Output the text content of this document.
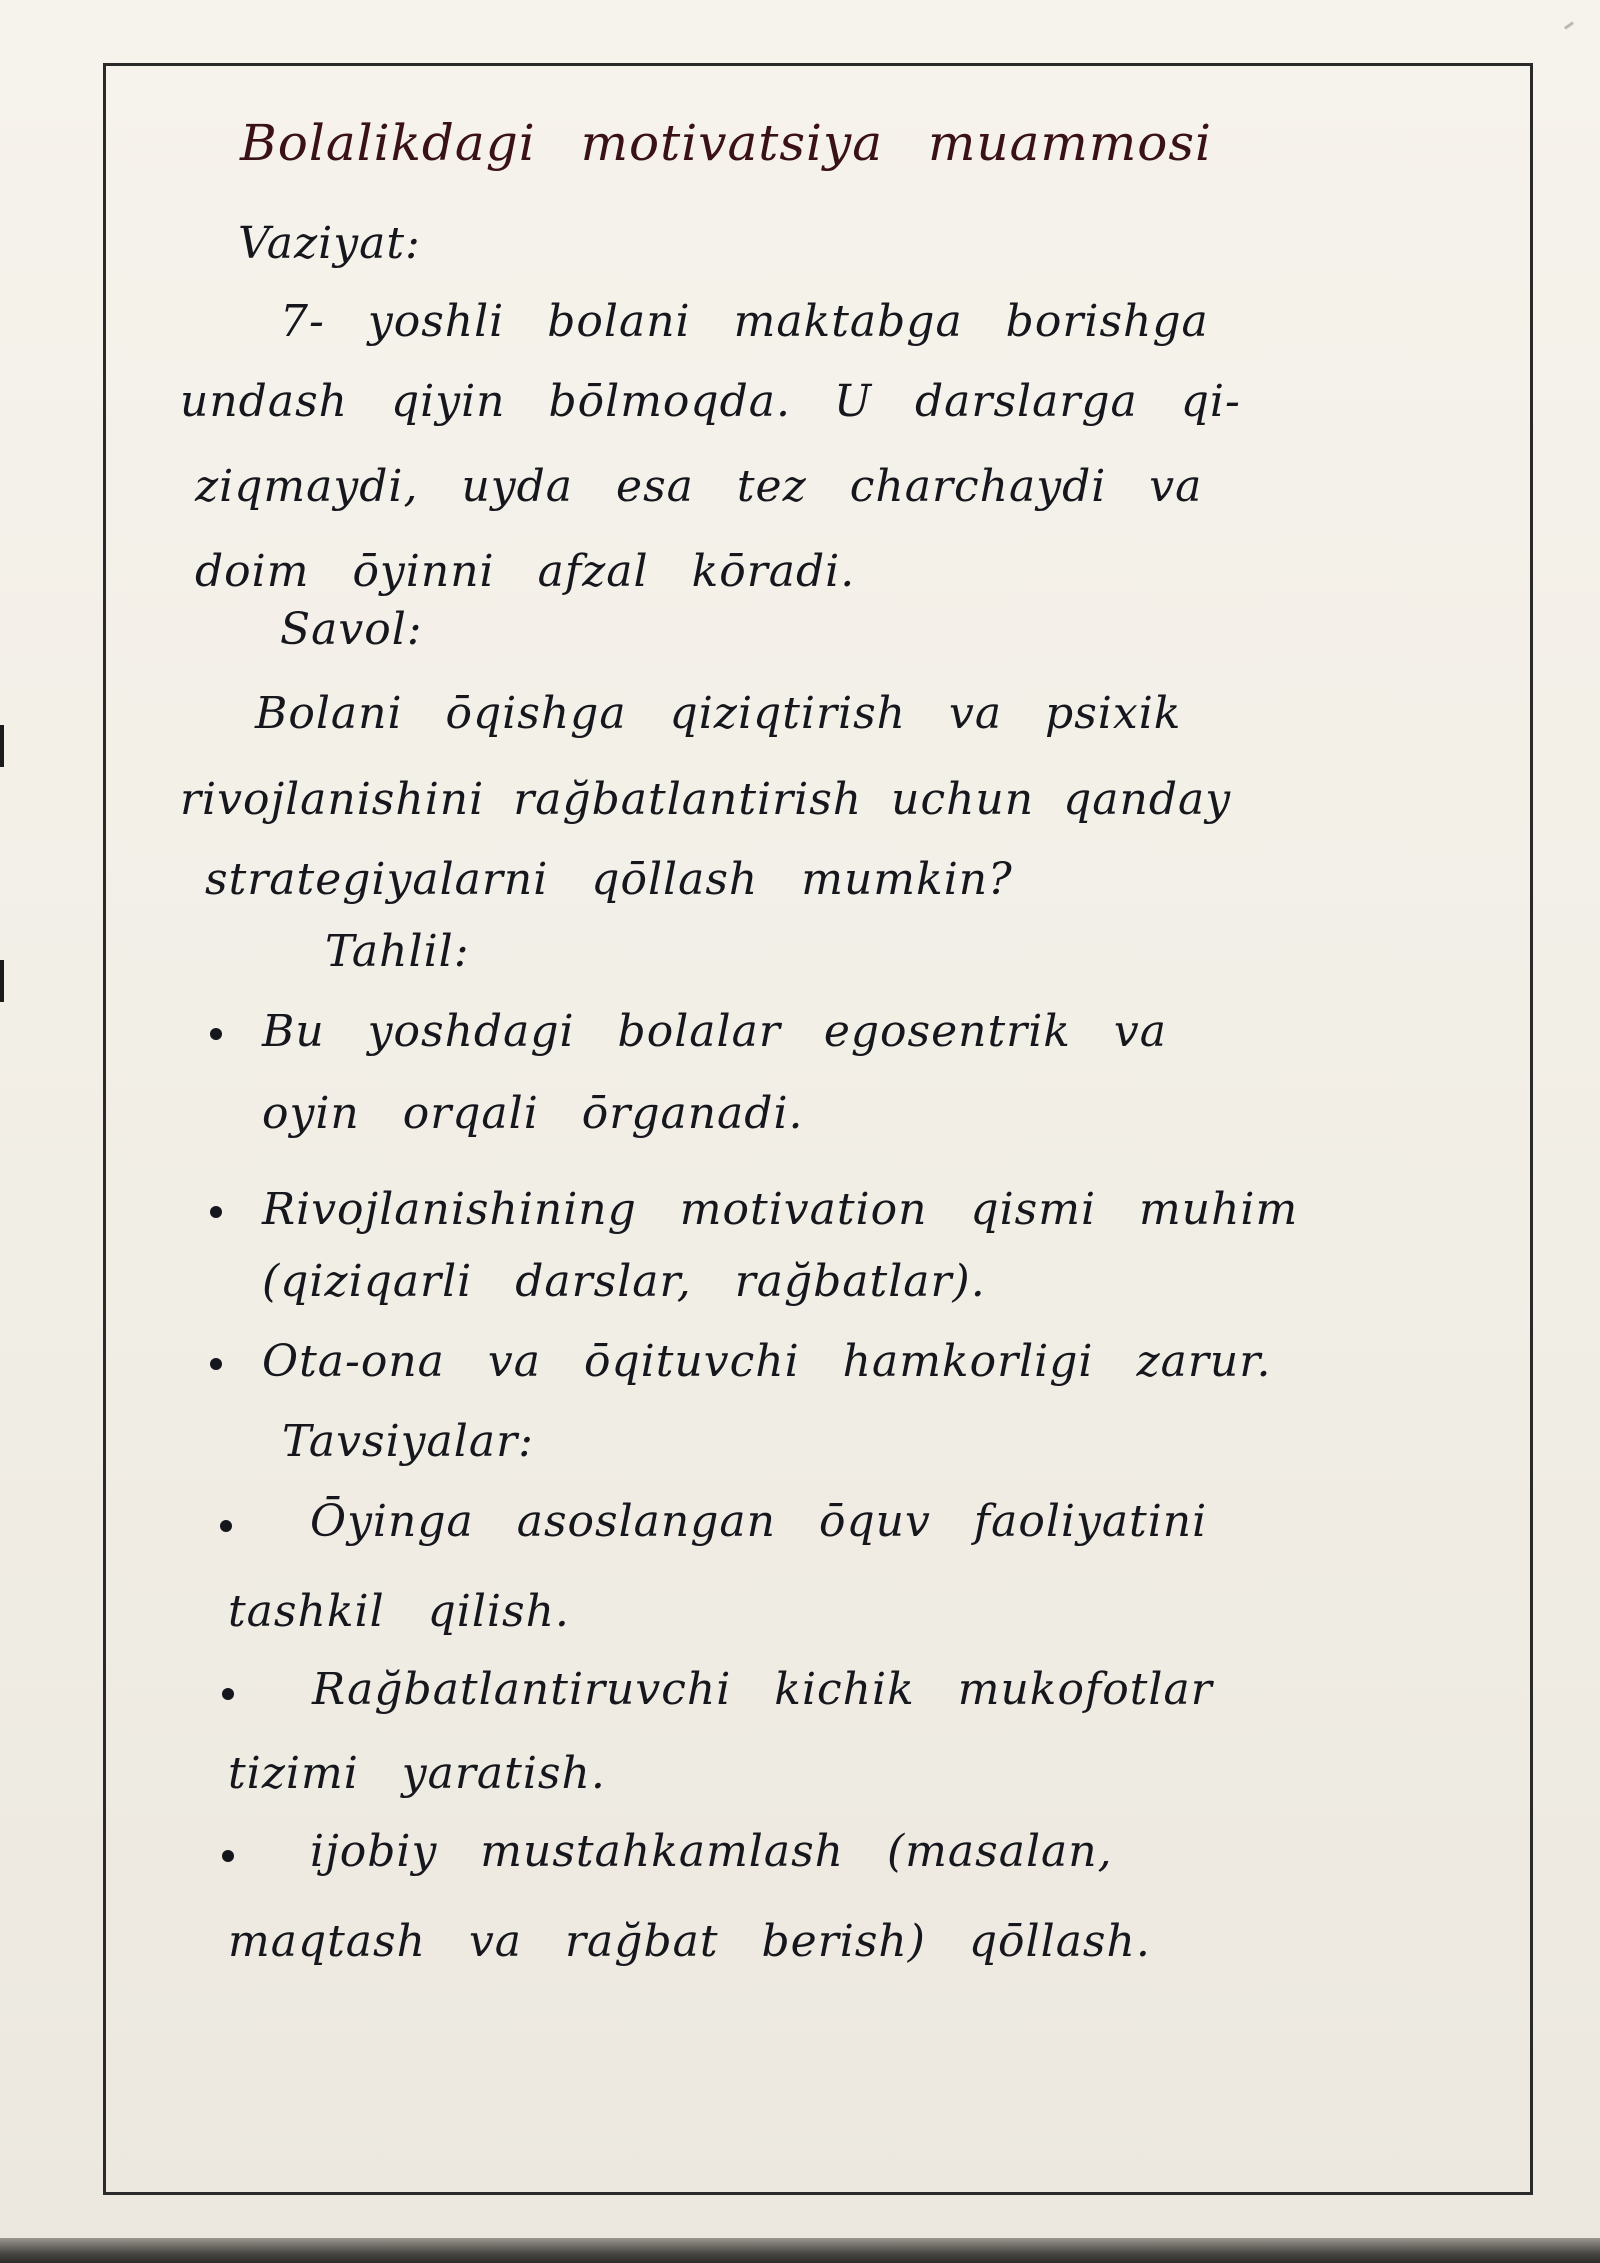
Bolalikdagi motivatsiya muammosi
Vaziyat:
7- yoshli bolani maktabga borishga
undash qiyin bōlmoqda. U darslarga qi-
ziqmaydi, uyda esa tez charchaydi va
doim ōyinni afzal kōradi.
Savol:
Bolani ōqishga qiziqtirish va psixik
rivojlanishini rağbatlantirish uchun qanday
strategiyalarni qōllash mumkin?
Tahlil:
Bu yoshdagi bolalar egosentrik va
oyin orqali ōrganadi.
Rivojlanishining motivation qismi muhim
(qiziqarli darslar, rağbatlar).
Ota-ona va ōqituvchi hamkorligi zarur.
Tavsiyalar:
Ōyinga asoslangan ōquv faoliyatini
tashkil qilish.
Rağbatlantiruvchi kichik mukofotlar
tizimi yaratish.
ijobiy mustahkamlash (masalan,
maqtash va rağbat berish) qōllash.
